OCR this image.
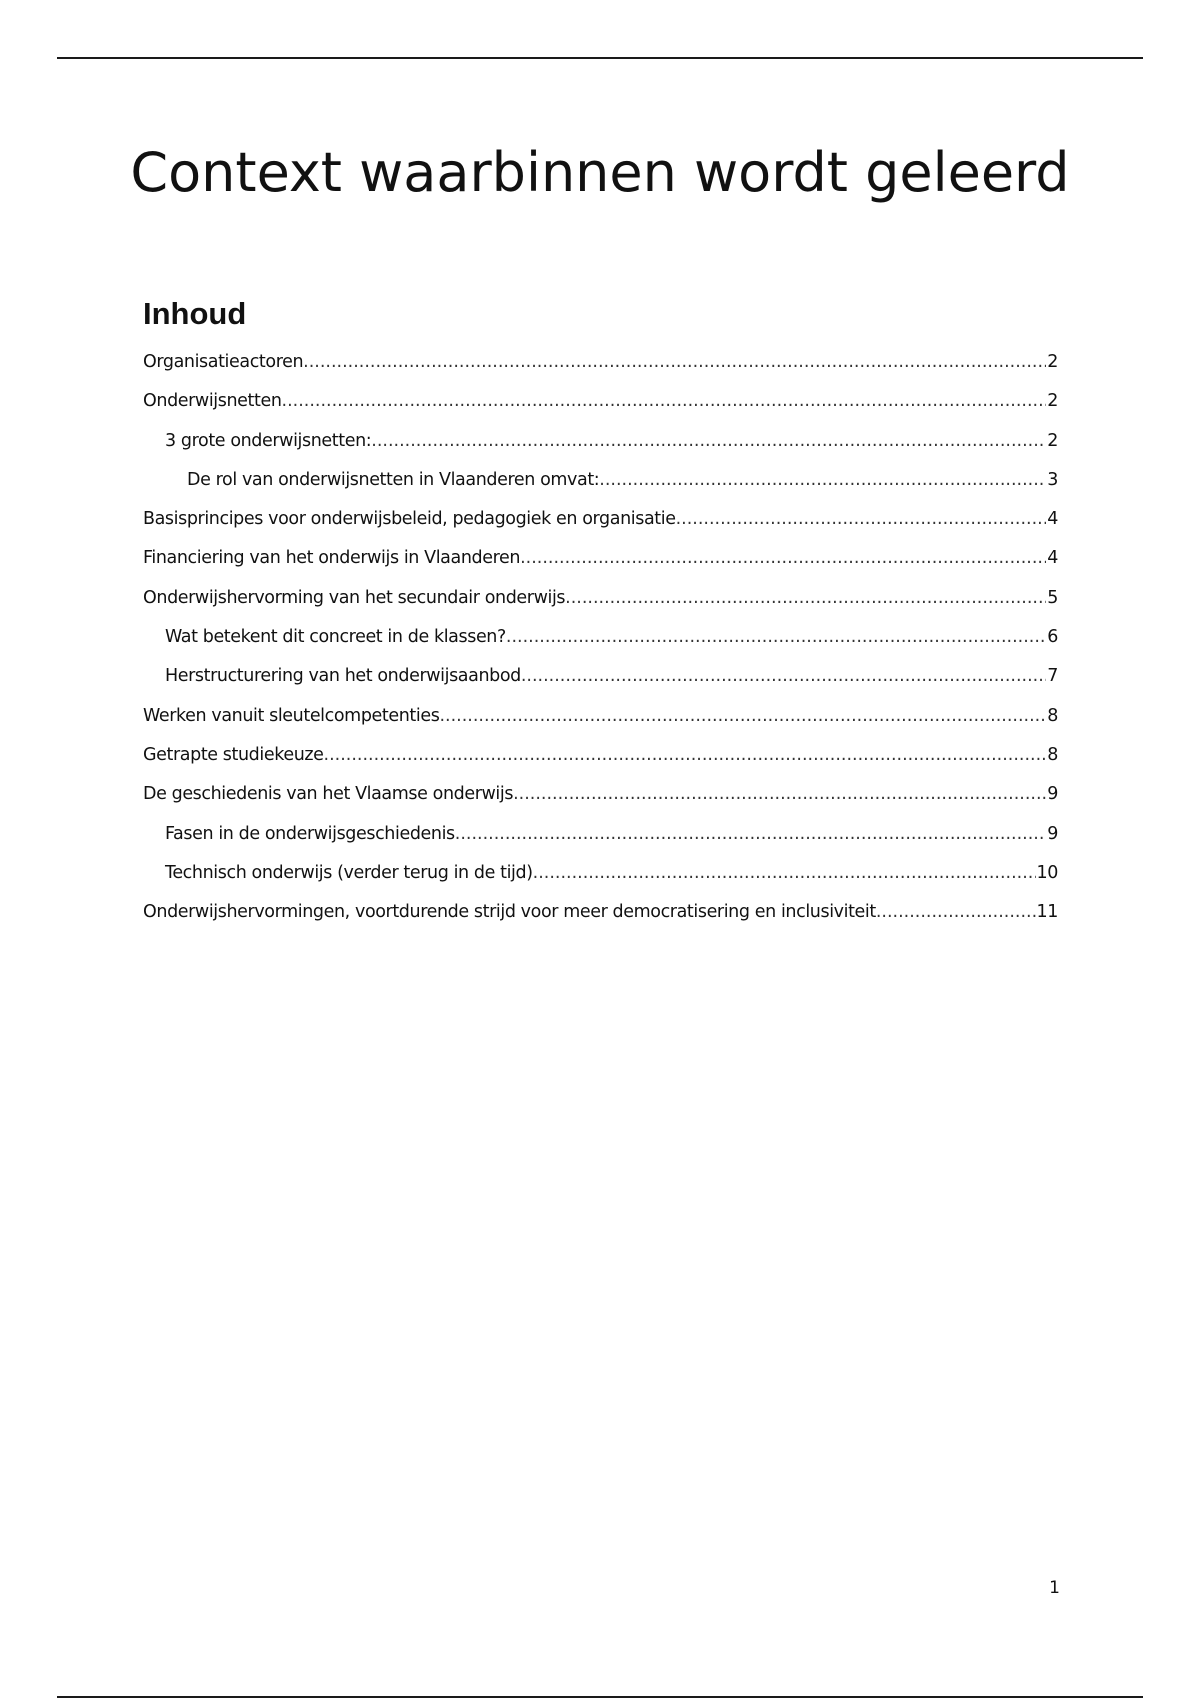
Context waarbinnen wordt geleerd
Inhoud
Organisatieactoren .....	2
Onderwijsnetten .....	2
3 grote onderwijsnetten: .....	2
De rol van onderwijsnetten in Vlaanderen omvat: .....	3
Basisprincipes voor onderwijsbeleid, pedagogiek en organisatie .....	4
Financiering van het onderwijs in Vlaanderen .....	4
Onderwijshervorming van het secundair onderwijs .....	5
Wat betekent dit concreet in de klassen? .....	6
Herstructurering van het onderwijsaanbod .....	7
Werken vanuit sleutelcompetenties .....	8
Getrapte studiekeuze .....	8
De geschiedenis van het Vlaamse onderwijs .....	9
Fasen in de onderwijsgeschiedenis .....	9
Technisch onderwijs (verder terug in de tijd) .....	10
Onderwijshervormingen, voortdurende strijd voor meer democratisering en inclusiviteit .....	11
1
